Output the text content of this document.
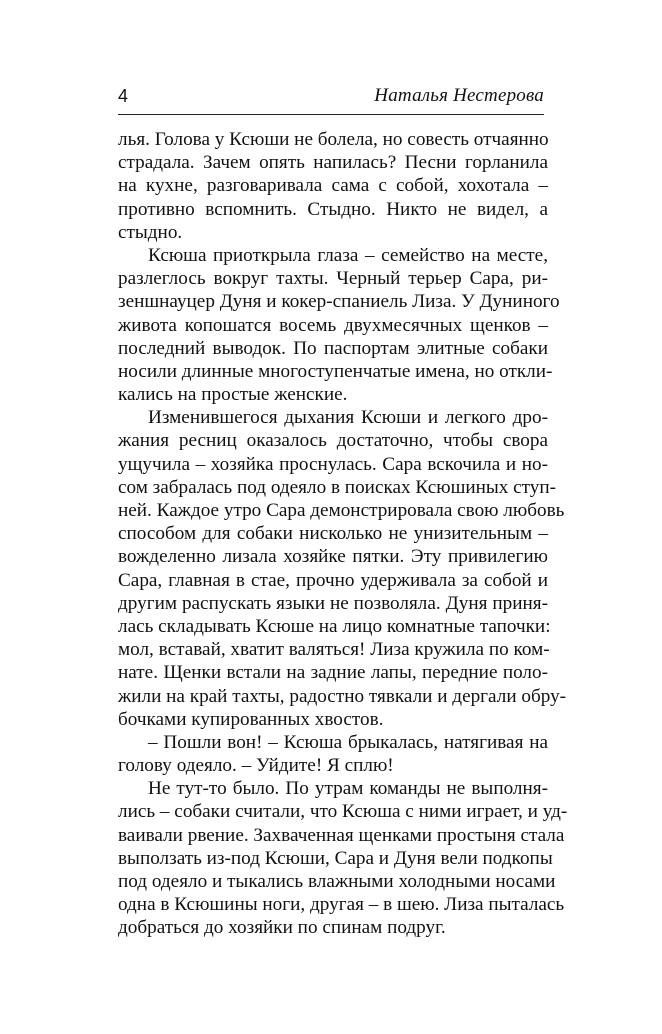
4	Наталья Нестерова
лья. Голова у Ксюши не болела, но совесть отчаянно
страдала. Зачем опять напилась? Песни горланила
на кухне, разговаривала сама с собой, хохотала –
противно вспомнить. Стыдно. Никто не видел, а
стыдно.
Ксюша приоткрыла глаза – семейство на месте,
разлеглось вокруг тахты. Черный терьер Сара, ри-
зеншнауцер Дуня и кокер-спаниель Лиза. У Дуниного
живота копошатся восемь двухмесячных щенков –
последний выводок. По паспортам элитные собаки
носили длинные многоступенчатые имена, но откли-
кались на простые женские.
Изменившегося дыхания Ксюши и легкого дро-
жания ресниц оказалось достаточно, чтобы свора
ущучила – хозяйка проснулась. Сара вскочила и но-
сом забралась под одеяло в поисках Ксюшиных ступ-
ней. Каждое утро Сара демонстрировала свою любовь
способом для собаки нисколько не унизительным –
вожделенно лизала хозяйке пятки. Эту привилегию
Сара, главная в стае, прочно удерживала за собой и
другим распускать языки не позволяла. Дуня приня-
лась складывать Ксюше на лицо комнатные тапочки:
мол, вставай, хватит валяться! Лиза кружила по ком-
нате. Щенки встали на задние лапы, передние поло-
жили на край тахты, радостно тявкали и дергали обру-
бочками купированных хвостов.
– Пошли вон! – Ксюша брыкалась, натягивая на
голову одеяло. – Уйдите! Я сплю!
Не тут-то было. По утрам команды не выполня-
лись – собаки считали, что Ксюша с ними играет, и уд-
ваивали рвение. Захваченная щенками простыня стала
выползать из-под Ксюши, Сара и Дуня вели подкопы
под одеяло и тыкались влажными холодными носами
одна в Ксюшины ноги, другая – в шею. Лиза пыталась
добраться до хозяйки по спинам подруг.
